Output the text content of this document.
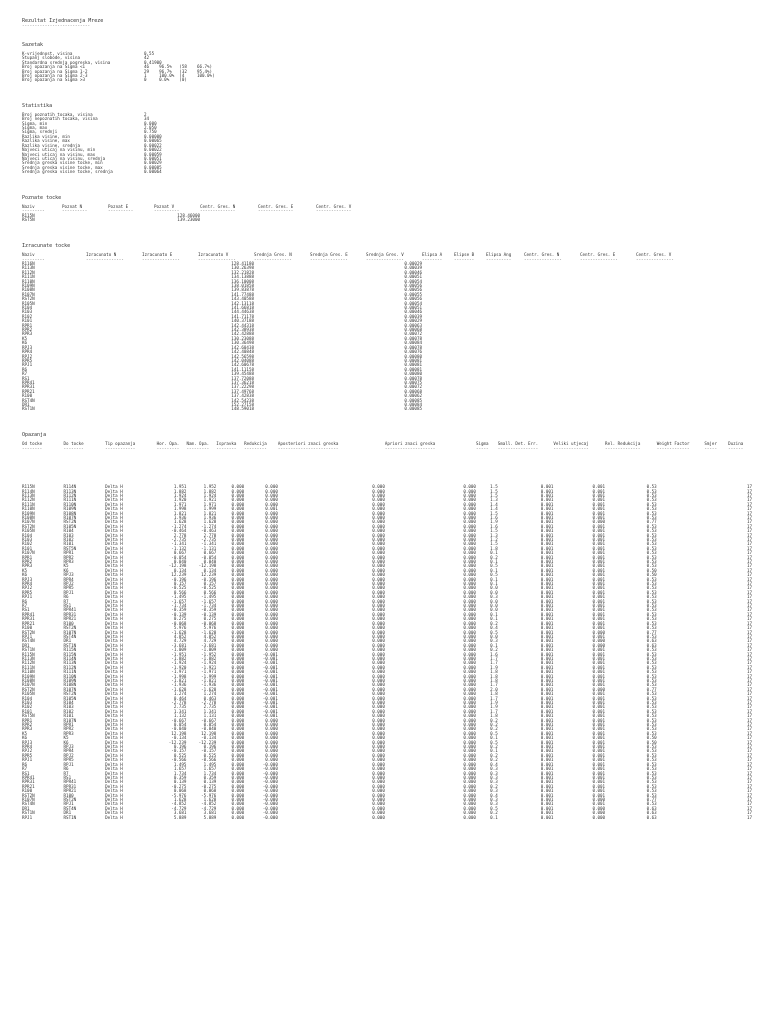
Rezultat Izjednacenja Mreze
---------------------------
Sazetak
K-vrijednost, visina	0.55
Stupanj slobode, visina	42
Standardna srednja pogreska, visina	0.41900
Broj opazanja na Sigma <1	46    96.5%   (58    66.7%)
Broj opazanja na Sigma 1-2	29    96.7%   (32    95.4%)
Broj opazanja na Sigma 2-3	1     100.0%  (4     100.0%)
Broj opazanja na Sigma >3	0     0.0%    (0)
Statistika
Broj poznatih tocaka, visina	2
Broj nepoznatih tocaka, visina	34
Sigma, min	0.000
Sigma, max	2.050
Sigma, srednji	0.750
Razlika visine, min	0.00000
Razlika visine, max	0.00065
Razlika visine, srednja	0.00022
Najveci uticaj na visinu, min	0.00022
Najveci uticaj na visinu, max	0.00059
Najveci uticaj na visinu, srednja	0.00051
Srednja greska visine tocke, min	0.00029
Srednja greska visine tocke, max	0.00085
Srednja greska visine tocke, srednja	0.00064
Poznate tocke
Naziv	Poznat N	Poznat E	Poznat V	Centr. Gres. N	Centr. Gres. E	Centr. Gres. V
---------	----------	----------	----------	--------------	--------------	--------------
R115N			128.46000			
RST5N			139.23000			
Izracunate tocke
Naziv	Izracunato N	Izracunato E	Izracunato V	Srednja Gres. N	Srednja Gres. E	Srednja Gres. V	Elipsa A	Elipse B	Elipsa Ang	Centr. Gres. N	Centr. Gres. E	Centr. Gres. V
---------	---------------	---------------	---------------	---------------	---------------	---------------	--------	--------	----------	---------------	---------------	---------------
R116N			128.41180			0.00029						
R113N			130.26398			0.00039						
R112N			132.21828			0.00046						
R111N			134.13888			0.00051						
R110N			136.10008			0.00054						
R109N			138.01858			0.00056						
R108N			139.83878			0.00056						
R107N			141.77488			0.00055						
RST2N			143.40588			0.00056						
R105N			142.13118			0.00054						
R104			141.66818			0.00051						
R103			144.44638			0.00046						
R102			141.71178			0.00039						
R101			140.37188			0.00029						
RPR1			142.44318			0.00063						
RPR2			142.38938			0.00068						
RPR3			142.42888			0.00072						
K5			130.23088			0.00078						
K6			130.36498			0.00084						
RPJ3			142.60438			0.00078						
RPR4			142.40848			0.00076						
RPJ2			142.56598			0.00080						
RPR5			142.04088			0.00081						
RPJ1			142.60678			0.00081						
R6			141.11158			0.00081						
R7			139.45488			0.00080						
RS1			137.72088			0.00078						
RPR41			137.36218			0.00075						
RPR31			137.22298			0.00072						
RPR21			137.49768			0.00068						
R100			137.42838			0.00062						
RST4N			142.54238			0.00085						
DR1			152.27158			0.00084						
RST1N			148.59018			0.00085						
Opazanja
Od tocke	Do tocke	Tip opazanja	Hor. Opa.	Nam. Opa.	Ispravka	Redukcija	Aposteriori znaci greska	Apriori znaci greska	Sigma	Small. Det. Err.	Veliki utjecaj	Rel. Redukcija	Weight Factor	Smjer	Duzina
--------	--------	------------	---------	---------	--------	---------	------------------------	--------------------	-----	----------------	--------------	--------------	-------------	-----	------

R115N	R114N	Delta H	1.951	1.952	0.000	0.000	0.000	0.000	1.5	0.001	0.001	0.53			17
R114N	R113N	Delta H	1.882	1.882	0.000	0.000	0.000	0.000	1.5	0.001	0.001	0.53			17
R113N	R112N	Delta H	1.924	1.924	0.000	0.000	0.000	0.000	1.5	0.001	0.001	0.53			17
R112N	R111N	Delta H	1.920	1.921	0.000	0.000	0.000	0.000	1.3	0.001	0.001	0.53			17
R111N	R110N	Delta H	1.971	1.971	0.000	0.000	0.000	0.000	1.4	0.001	0.001	0.53			17
R110N	R109N	Delta H	1.998	1.999	0.000	0.001	0.000	0.000	1.4	0.001	0.001	0.53			17
R109N	R108N	Delta H	1.821	1.821	0.000	0.000	0.000	0.000	1.5	0.001	0.001	0.53			17
R108N	R107N	Delta H	1.936	1.936	0.000	0.000	0.000	0.000	1.6	0.001	0.001	0.53			17
R107N	RST2N	Delta H	1.628	1.628	0.000	0.000	0.000	0.000	1.9	0.001	0.000	0.77			17
RST2N	R105N	Delta H	-1.274	-1.274	0.000	0.000	0.000	0.000	1.6	0.001	0.001	0.53			17
R105N	R104	Delta H	-0.464	-0.463	0.000	0.000	0.000	0.000	1.5	0.001	0.001	0.53			17
R104	R103	Delta H	2.778	2.778	0.000	0.000	0.000	0.000	1.3	0.001	0.001	0.53			17
R103	R102	Delta H	-2.735	-2.735	0.000	0.000	0.000	0.000	1.2	0.001	0.001	0.53			17
R102	R101	Delta H	-1.341	-1.341	0.000	0.000	0.000	0.000	1.5	0.001	0.001	0.53			17
R101	RST5N	Delta H	-1.132	-1.131	0.000	0.000	0.000	0.000	1.8	0.001	0.001	0.53			17
R107N	RPR1	Delta H	0.667	0.667	0.000	0.000	0.000	0.000	0.1	0.001	0.001	0.53			17
RPR1	RPR2	Delta H	-0.054	-0.054	0.000	0.000	0.000	0.000	0.2	0.001	0.001	0.53			17
RPR2	RPR3	Delta H	0.040	0.040	0.000	0.000	0.000	0.000	0.1	0.001	0.001	0.53			17
RPR3	K5	Delta H	-12.198	-12.198	0.000	0.000	0.000	0.000	0.5	0.001	0.001	0.53			17
K5	K6	Delta H	0.134	0.134	0.000	0.000	0.000	0.000	0.1	0.001	0.001	0.50			17
K6	RPJ3	Delta H	12.239	12.239	0.000	0.000	0.000	0.000	0.5	0.001	0.001	0.50			17
RPJ3	RPR4	Delta H	-0.196	-0.196	0.000	0.000	0.000	0.000	0.1	0.001	0.001	0.53			17
RPR4	RPJ2	Delta H	0.157	0.157	0.000	0.000	0.000	0.000	0.1	0.001	0.001	0.53			17
RPJ2	RPR5	Delta H	-0.525	-0.525	0.000	0.000	0.000	0.000	0.0	0.001	0.001	0.53			17
RPR5	RPJ1	Delta H	0.566	0.566	0.000	0.000	0.000	0.000	0.0	0.001	0.001	0.53			17
RPJ1	R6	Delta H	-1.495	-1.495	0.000	0.000	0.000	0.000	0.3	0.001	0.001	0.53			17
R6	R7	Delta H	-1.657	-1.657	0.000	0.000	0.000	0.000	0.0	0.001	0.001	0.53			17
R7	RS1	Delta H	-1.734	-1.734	0.000	0.000	0.000	0.000	0.0	0.001	0.001	0.53			17
RS1	RPR41	Delta H	-0.359	-0.359	0.000	0.000	0.000	0.000	0.0	0.001	0.001	0.53			17
RPR41	RPR31	Delta H	-0.139	-0.139	0.000	0.000	0.000	0.000	0.1	0.001	0.001	0.53			17
RPR31	RPR21	Delta H	0.275	0.275	0.000	0.000	0.000	0.000	0.1	0.001	0.001	0.53			17
RPR21	R100	Delta H	-0.068	-0.068	0.000	0.000	0.000	0.000	0.2	0.001	0.001	0.53			17
R100	RST2N	Delta H	5.976	5.976	0.000	0.000	0.000	0.000	0.4	0.001	0.001	0.53			17
RST2N	R107N	Delta H	-1.628	-1.628	0.000	0.000	0.000	0.000	0.5	0.001	0.000	0.77			17
RPJ1	RST4N	Delta H	4.852	4.852	0.000	0.000	0.000	0.000	0.0	0.001	0.001	0.53			17
RST4N	DR1	Delta H	4.729	4.729	0.000	0.000	0.000	0.000	0.3	0.001	0.000	0.63			17
DR1	RST1N	Delta H	-3.681	-3.681	0.000	0.000	0.000	0.000	0.1	0.001	0.000	0.63			17
RST1N	R115N	Delta H	-1.009	-1.009	0.000	0.000	0.000	0.000	0.2	0.001	0.001	0.53			17
R115N	R115N	Delta H	-1.951	-1.952	0.000	-0.001	0.000	0.000	1.6	0.001	0.001	0.53			17
R113N	R114N	Delta H	-1.882	-1.882	0.000	-0.001	0.000	0.000	1.7	0.001	0.001	0.53			17
R112N	R113N	Delta H	-1.924	-1.924	0.000	-0.001	0.000	0.000	1.7	0.001	0.001	0.53			17
R111N	R112N	Delta H	-1.920	-1.921	0.000	-0.001	0.000	0.000	1.9	0.001	0.001	0.53			17
R110N	R111N	Delta H	-1.971	-1.971	0.000	-0.001	0.000	0.000	1.8	0.001	0.001	0.53			17
R109N	R110N	Delta H	-1.998	-1.999	0.000	-0.001	0.000	0.000	1.8	0.001	0.001	0.53			17
R108N	R109N	Delta H	-1.821	-1.821	0.000	-0.001	0.000	0.000	1.8	0.001	0.001	0.53			17
R107N	R108N	Delta H	-1.936	-1.936	0.000	-0.001	0.000	0.000	1.7	0.001	0.001	0.53			17
RST2N	R107N	Delta H	-1.628	-1.628	0.000	-0.001	0.000	0.000	2.0	0.001	0.000	0.77			17
R105N	RST2N	Delta H	1.274	1.274	0.000	-0.001	0.000	0.000	1.8	0.001	0.001	0.53			17
R104	R105N	Delta H	0.464	0.463	0.000	-0.001	0.000	0.000	1.7	0.001	0.001	0.53			17
R103	R104	Delta H	-2.778	-2.778	0.000	-0.001	0.000	0.000	1.9	0.001	0.001	0.53			17
R102	R103	Delta H	2.735	2.735	0.000	-0.001	0.000	0.000	1.9	0.001	0.001	0.53			17
R101	R102	Delta H	1.341	1.341	0.000	-0.001	0.000	0.000	1.7	0.001	0.001	0.53			17
RST5N	R101	Delta H	1.132	1.131	0.000	-0.001	0.000	0.000	1.8	0.001	0.001	0.53			17
RPR1	R107N	Delta H	-0.667	-0.667	0.000	0.000	0.000	0.000	0.2	0.001	0.001	0.53			17
RPR2	RPR1	Delta H	0.054	0.054	0.000	0.000	0.000	0.000	0.2	0.001	0.001	0.53			17
RPR3	RPR2	Delta H	-0.040	-0.040	0.000	0.000	0.000	0.000	0.2	0.001	0.001	0.53			17
K5	RPR3	Delta H	12.198	12.198	0.000	0.000	0.000	0.000	0.5	0.001	0.001	0.53			17
K6	K5	Delta H	-0.134	-0.134	0.000	0.000	0.000	0.000	0.1	0.001	0.001	0.50			17
RPJ3	K6	Delta H	-12.239	-12.239	0.000	0.000	0.000	0.000	0.5	0.001	0.001	0.50			17
RPR4	RPJ3	Delta H	0.196	0.196	0.000	0.000	0.000	0.000	0.2	0.001	0.001	0.53			17
RPJ2	RPR4	Delta H	-0.157	-0.157	0.000	0.000	0.000	0.000	0.1	0.001	0.001	0.53			17
RPR5	RPJ2	Delta H	0.525	0.525	0.000	0.000	0.000	0.000	0.2	0.001	0.001	0.53			17
RPJ1	RPR5	Delta H	-0.566	-0.566	0.000	0.000	0.000	0.000	0.2	0.001	0.001	0.53			17
R6	RPJ1	Delta H	1.495	1.495	0.000	-0.000	0.000	0.000	0.4	0.001	0.001	0.53			17
R7	R6	Delta H	1.657	1.657	0.000	-0.000	0.000	0.000	0.3	0.001	0.001	0.53			17
RS1	R7	Delta H	1.734	1.734	0.000	-0.000	0.000	0.000	0.3	0.001	0.001	0.53			17
RPR41	RS1	Delta H	0.359	0.359	0.000	-0.000	0.000	0.000	0.3	0.001	0.001	0.53			17
RPR31	RPR41	Delta H	0.139	0.139	0.000	-0.000	0.000	0.000	0.3	0.001	0.001	0.53			17
RPR21	RPR31	Delta H	-0.275	-0.275	0.000	-0.000	0.000	0.000	0.2	0.001	0.001	0.53			17
R100	RPR21	Delta H	0.068	0.068	0.000	-0.000	0.000	0.000	0.3	0.001	0.001	0.53			17
RST2N	R100	Delta H	-5.976	-5.976	0.000	-0.000	0.000	0.000	0.4	0.001	0.001	0.53			17
R107N	RST2N	Delta H	1.628	1.628	0.000	-0.000	0.000	0.000	0.3	0.001	0.000	0.77			17
RST4N	RPJ1	Delta H	-4.852	-4.852	0.000	-0.000	0.000	0.000	0.3	0.001	0.001	0.53			17
DR1	RST4N	Delta H	-4.729	-4.729	0.000	-0.000	0.000	0.000	0.5	0.001	0.000	0.63			17
RST1N	DR1	Delta H	3.681	3.681	0.000	-0.000	0.000	0.000	0.2	0.001	0.000	0.63			17
RPJ1	RST1N	Delta H	5.889	5.889	0.000	-0.000	0.000	0.000	0.1	0.001	0.000	0.63			17
